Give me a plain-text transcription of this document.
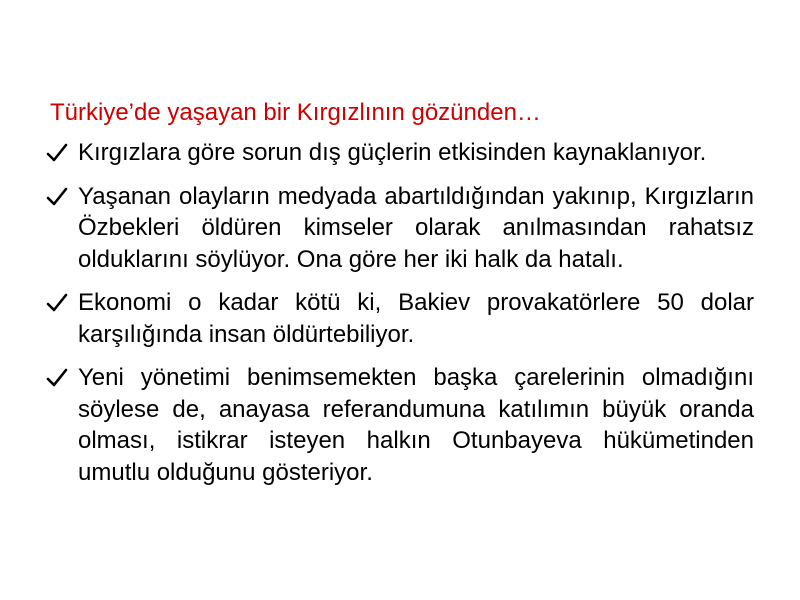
Türkiye’de yaşayan bir Kırgızlının gözünden…
Kırgızlara göre sorun dış güçlerin etkisinden kaynaklanıyor.
Yaşanan olayların medyada abartıldığından yakınıp, Kırgızların Özbekleri öldüren kimseler olarak anılmasından rahatsız olduklarını söylüyor. Ona göre her iki halk da hatalı.
Ekonomi o kadar kötü ki, Bakiev provakatörlere 50 dolar karşılığında insan öldürtebiliyor.
Yeni yönetimi benimsemekten başka çarelerinin olmadığını söylese de, anayasa referandumuna katılımın büyük oranda olması, istikrar isteyen halkın Otunbayeva hükümetinden umutlu olduğunu gösteriyor.
